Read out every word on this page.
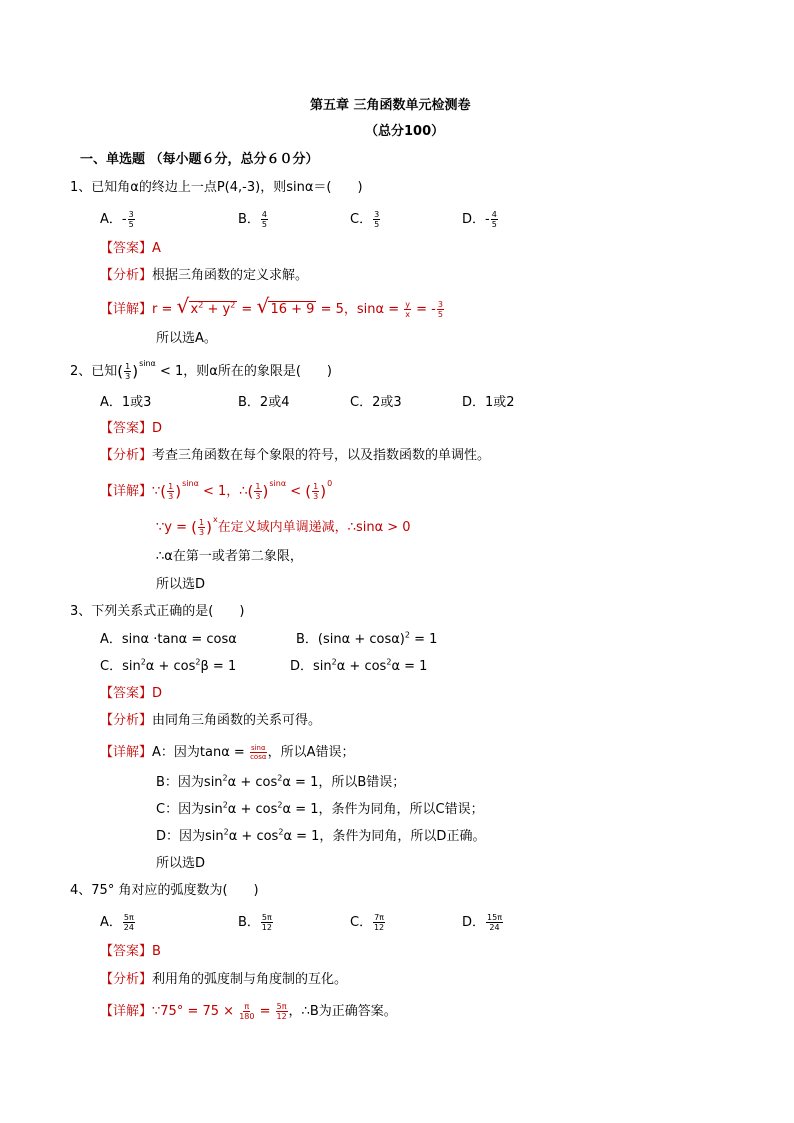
第五章 三角函数单元检测卷
（总分100）
一、单选题 （每小题６分，总分６０分）
1、已知角α的终边上一点P(4,-3)，则sinα＝(　　)
A．- $\frac{3}{5}$	B． $\frac{4}{5}$	C． $\frac{3}{5}$	D．- $\frac{4}{5}$
【答案】A
【分析】根据三角函数的定义求解。
【详解】r = √ $x^2 + y^2$ = √ 16 + 9 = 5，$\sin\alpha = \frac{y}{x}$ = - $\frac{3}{5}$
所以选A。
2、已知( $\frac{1}{3} )^{sin\alpha} < 1$，则α所在的象限是(　　)
A．1或3	B．2或4	C．2或3	D．1或2
【答案】D
【分析】考查三角函数在每个象限的符号，以及指数函数的单调性。
【详解】∵( $\frac{1}{3} )^{sin\alpha} < 1$，∴( $\frac{1}{3} )^{sin\alpha}$ < ( $\frac{1}{3} )^0$
∵y = ( $\frac{1}{3} )^x$在定义域内单调递减，∴sinα > 0
∴α在第一或者第二象限，
所以选D
3、下列关系式正确的是(　　)
A．sinα ·tanα = cosα	B．$(\sin\alpha + \cos\alpha)^2 = 1$
C．$\sin^2\alpha + \cos^2\beta = 1$	D．$\sin^2\alpha + \cos^2\alpha = 1$
【答案】D
【分析】由同角三角函数的关系可得。
【详解】A：因为$\tan\alpha = \frac{\sin\alpha}{\cos\alpha}$ ，所以A错误；
B：因为$\sin^2\alpha + \cos^2\alpha = 1$，所以B错误；
C：因为$\sin^2\alpha + \cos^2\alpha = 1$，条件为同角，所以C错误；
D：因为$\sin^2\alpha + \cos^2\alpha = 1$，条件为同角，所以D正确。
所以选D
4、75° 角对应的弧度数为(　　)
A． $\frac{5\pi}{24}$	B． $\frac{5\pi}{12}$	C． $\frac{7\pi}{12}$	D． $\frac{15\pi}{24}$
【答案】B
【分析】利用角的弧度制与角度制的互化。
【详解】∵75° = $75 \times \frac{\pi}{180} = \frac{5\pi}{12}$ ，∴B为正确答案。
